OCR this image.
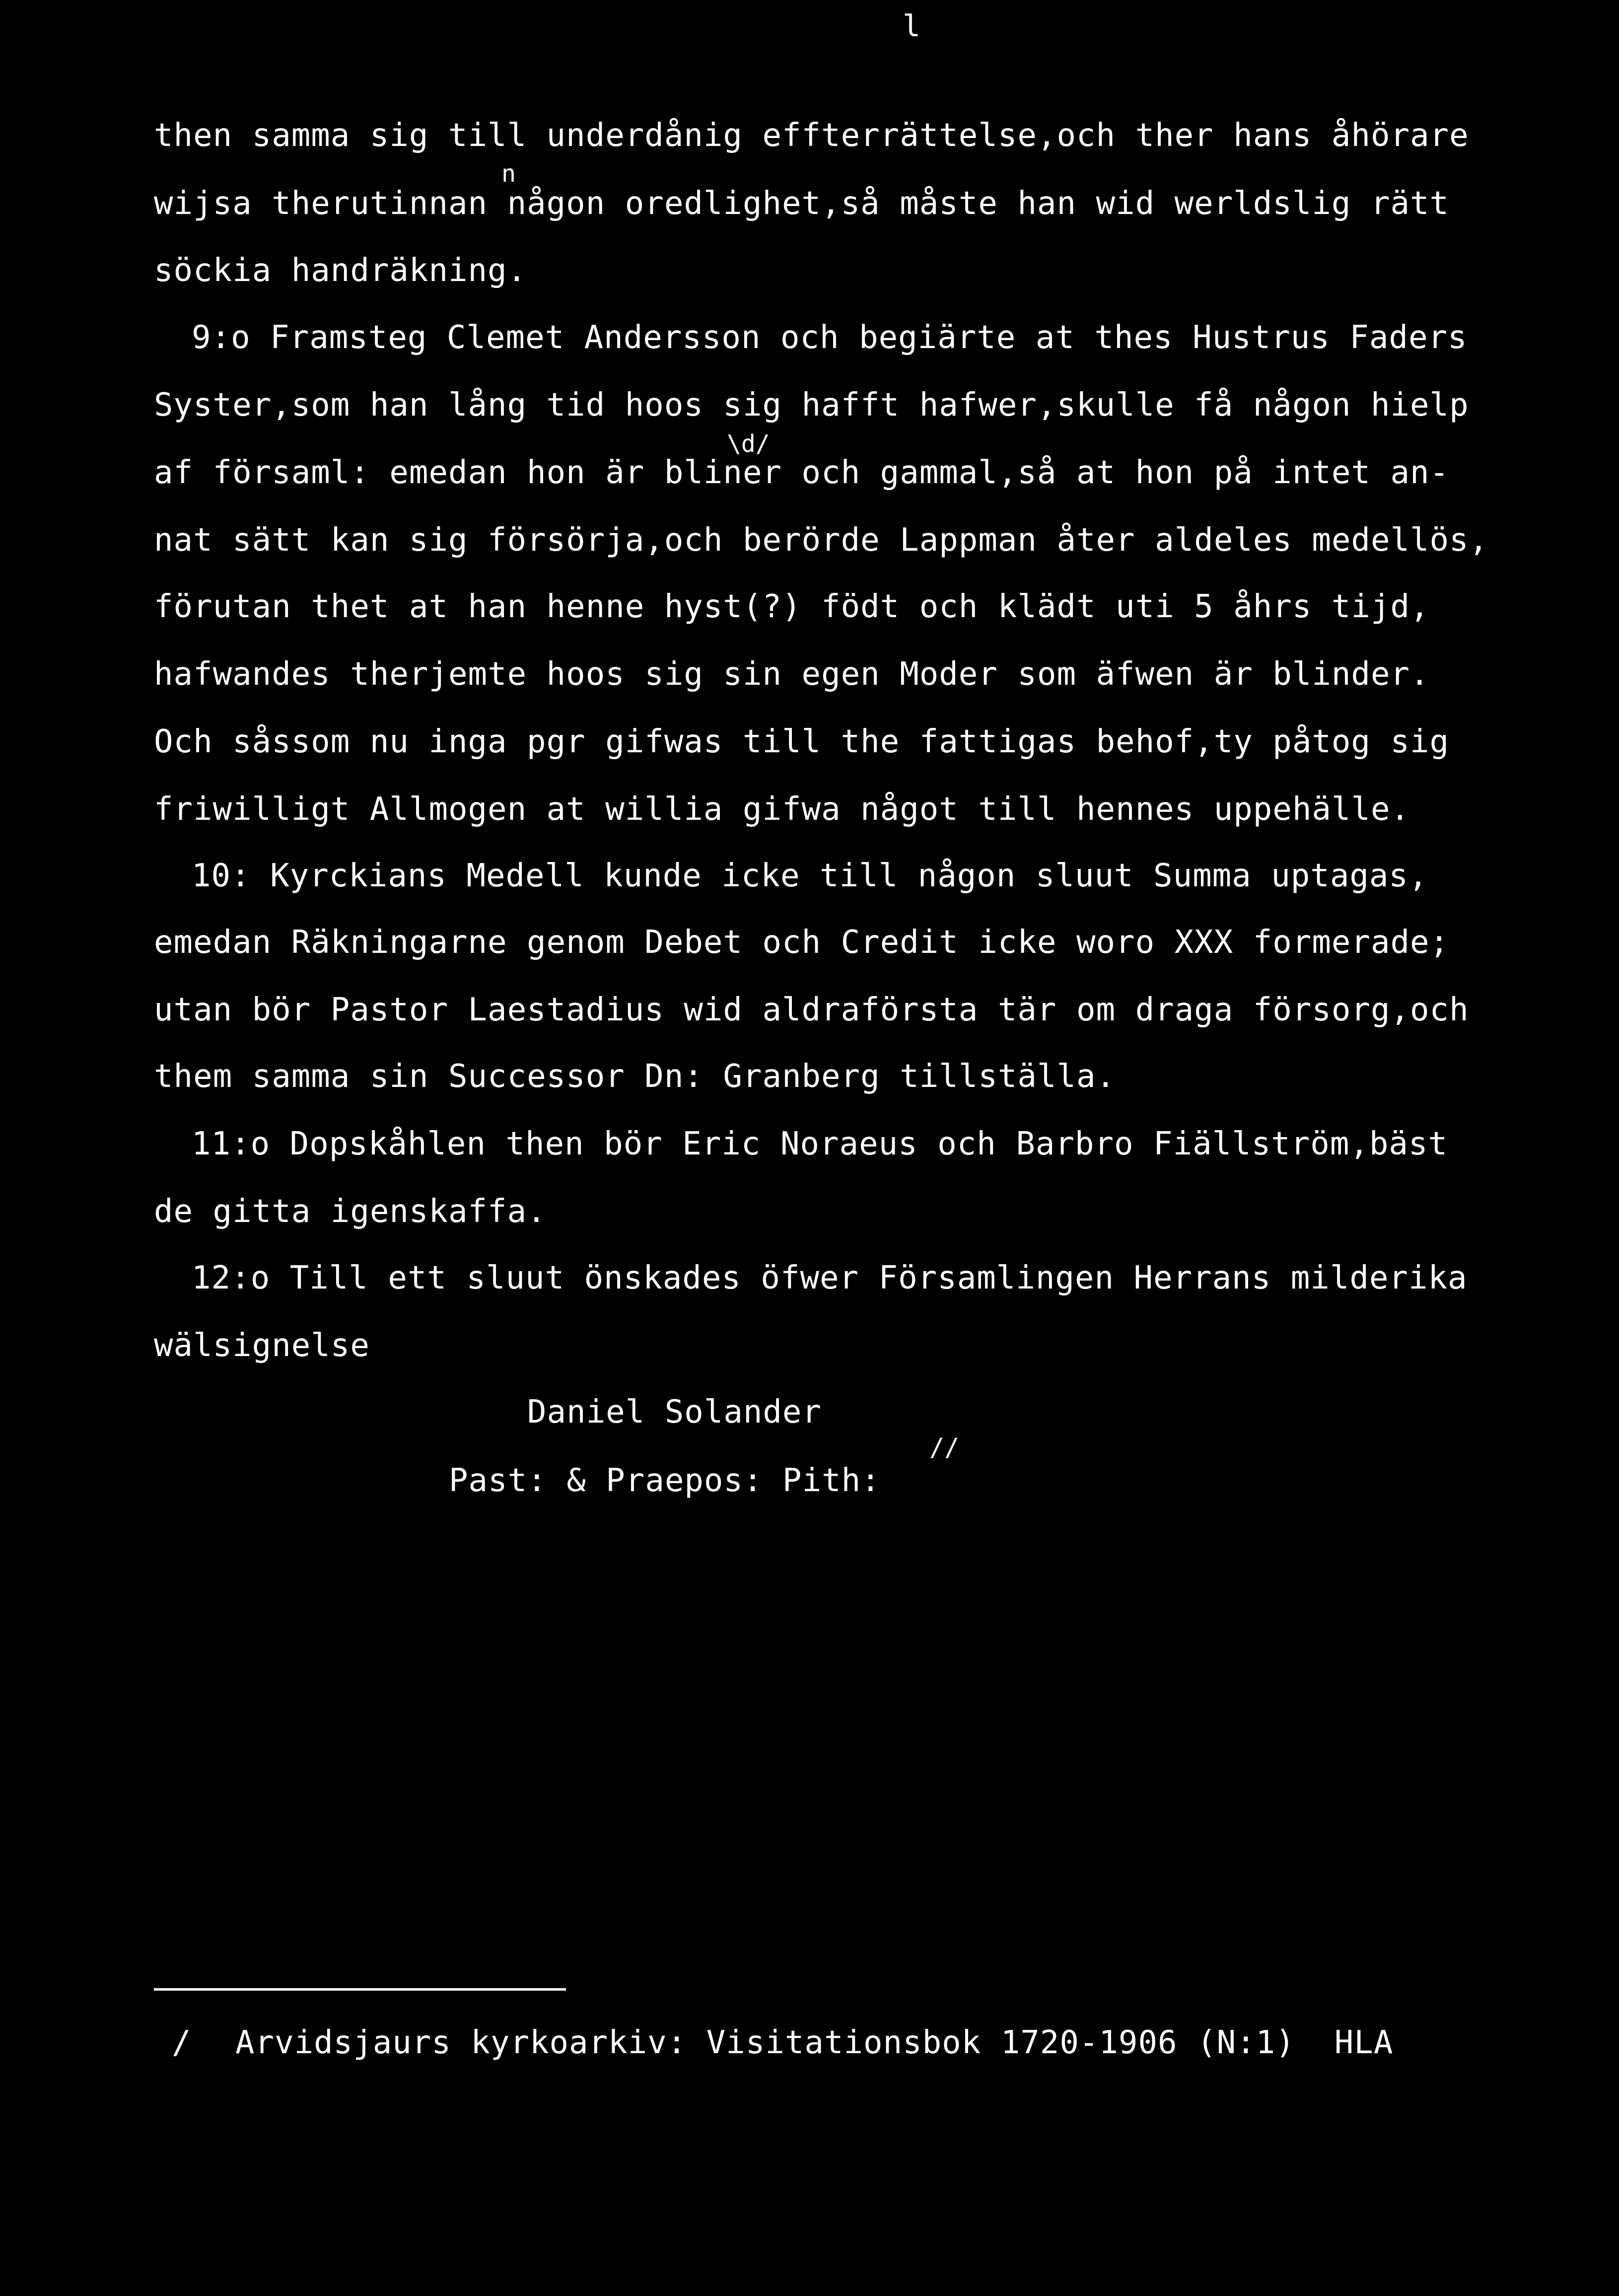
l
n
\d/
then samma sig till underdånig effterrättelse,och ther hans åhörare
wijsa therutinnan någon oredlighet,så måste han wid werldslig rätt
söckia handräkning.
9:o Framsteg Clemet Andersson och begiärte at thes Hustrus Faders
Syster,som han lång tid hoos sig hafft hafwer,skulle få någon hielp
af församl: emedan hon är bliner och gammal,så at hon på intet an-
nat sätt kan sig försörja,och berörde Lappman åter aldeles medellös,
förutan thet at han henne hyst(?) födt och klädt uti 5 åhrs tijd,
hafwandes therjemte hoos sig sin egen Moder som äfwen är blinder.
Och såssom nu inga pgr gifwas till the fattigas behof,ty påtog sig
friwilligt Allmogen at willia gifwa något till hennes uppehälle.
10: Kyrckians Medell kunde icke till någon sluut Summa uptagas,
emedan Räkningarne genom Debet och Credit icke woro XXX formerade;
utan bör Pastor Laestadius wid aldraförsta tär om draga försorg,och
them samma sin Successor Dn: Granberg tillställa.
11:o Dopskåhlen then bör Eric Noraeus och Barbro Fiällström,bäst
de gitta igenskaffa.
12:o Till ett sluut önskades öfwer Församlingen Herrans milderika
wälsignelse
Daniel Solander
//
Past: & Praepos: Pith:
/ Arvidsjaurs kyrkoarkiv: Visitationsbok 1720-1906 (N:1)  HLA
